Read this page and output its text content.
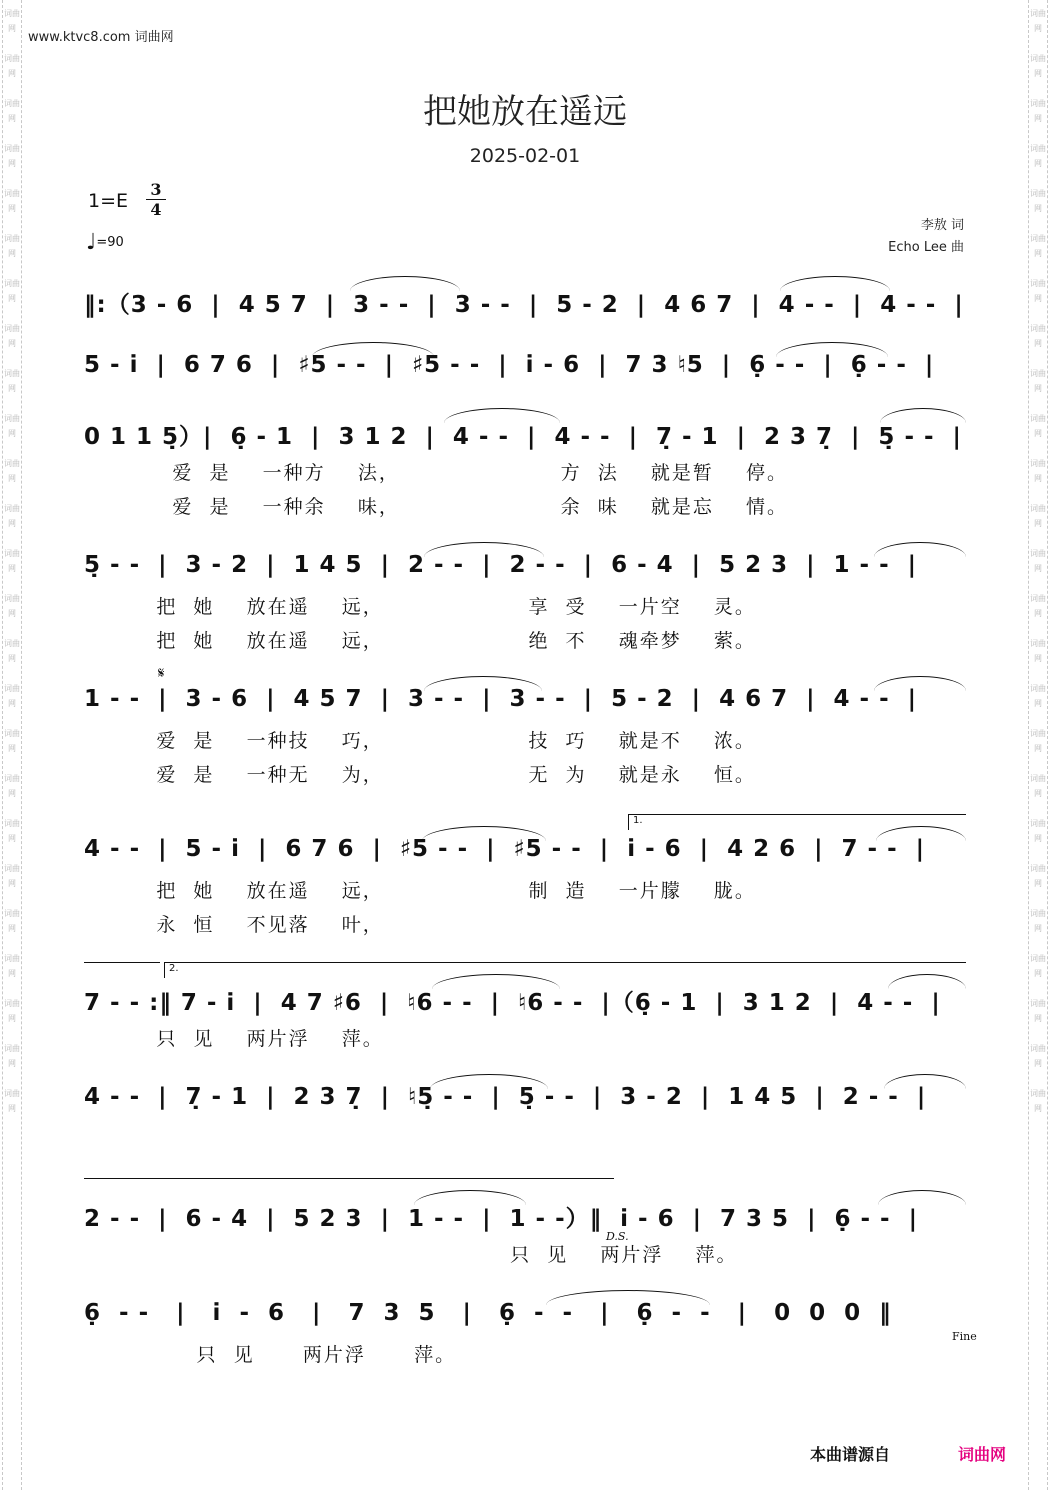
词曲网

词曲网

词曲网

词曲网

词曲网

词曲网

词曲网

词曲网

词曲网

词曲网

词曲网

词曲网

词曲网

词曲网

词曲网

词曲网

词曲网

词曲网

词曲网

词曲网

词曲网

词曲网

词曲网

词曲网

词曲网

词曲网

词曲网

词曲网

词曲网

词曲网

词曲网

词曲网

词曲网

词曲网

词曲网

词曲网

词曲网

词曲网

词曲网

词曲网

词曲网

词曲网

词曲网

词曲网

词曲网

词曲网

词曲网

词曲网

词曲网

词曲网

www.ktvc8.com 词曲网
把她放在遥远
2025-02-01
1=E
3
4
♩=90
李敖 词
Echo Lee 曲
‖:（3 - 6  |  4 5 7  |  3 - -  |  3 - -  |  5 - 2  |  4 6 7  |  4 - -  |  4 - -  |
5 - i̇  |  6 7 6  |  ♯5 - -  |  ♯5 - -  |  i̇ - 6  |  7 3 ♮5  |  6̣ - -  |  6̣ - -  |
0 1 1 5̣）|  6̣ - 1  |  3 1 2  |  4 - -  |  4 - -  |  7̣ - 1  |  2 3 7̣  |  5̣ - -  |
爱  是    一种方    法，                    方  法    就是暂    停。
爱  是    一种余    味，                    余  味    就是忘    情。
5̣ - -  |  3 - 2  |  1 4 5  |  2 - -  |  2 - -  |  6 - 4  |  5 2 3  |  1 - -  |
把  她    放在遥    远，                  享  受    一片空    灵。
把  她    放在遥    远，                  绝  不    魂牵梦    萦。
𝄋
1 - -  |  3 - 6  |  4 5 7  |  3 - -  |  3 - -  |  5 - 2  |  4 6 7  |  4 - -  |
爱  是    一种技    巧，                  技  巧    就是不    浓。
爱  是    一种无    为，                  无  为    就是永    恒。
1.
4 - -  |  5 - i̇  |  6 7 6  |  ♯5 - -  |  ♯5 - -  |  i̇ - 6  |  4 2 6  |  7 - -  |
把  她    放在遥    远，                  制  造    一片朦    胧。
永  恒    不见落    叶，
2.
7 - - :‖ 7 - i̇  |  4 7 ♯6  |  ♮6 - -  |  ♮6 - -  |（6̣ - 1  |  3 1 2  |  4 - -  |
只  见    两片浮    萍。
4 - -  |  7̣ - 1  |  2 3 7̣  |  ♮5̣ - -  |  5̣ - -  |  3 - 2  |  1 4 5  |  2 - -  |
2 - -  |  6 - 4  |  5 2 3  |  1 - -  |  1 - -）‖  i̇ - 6  |  7 3 5  |  6̣ - -  |
D.S.
只  见    两片浮    萍。
6̣  - -   |   i̇  -  6   |   7  3  5   |   6̣  -  -   |   6̣  -  -   |   0  0  0  ‖
Fine
只  见      两片浮      萍。
本曲谱源自	词曲网
